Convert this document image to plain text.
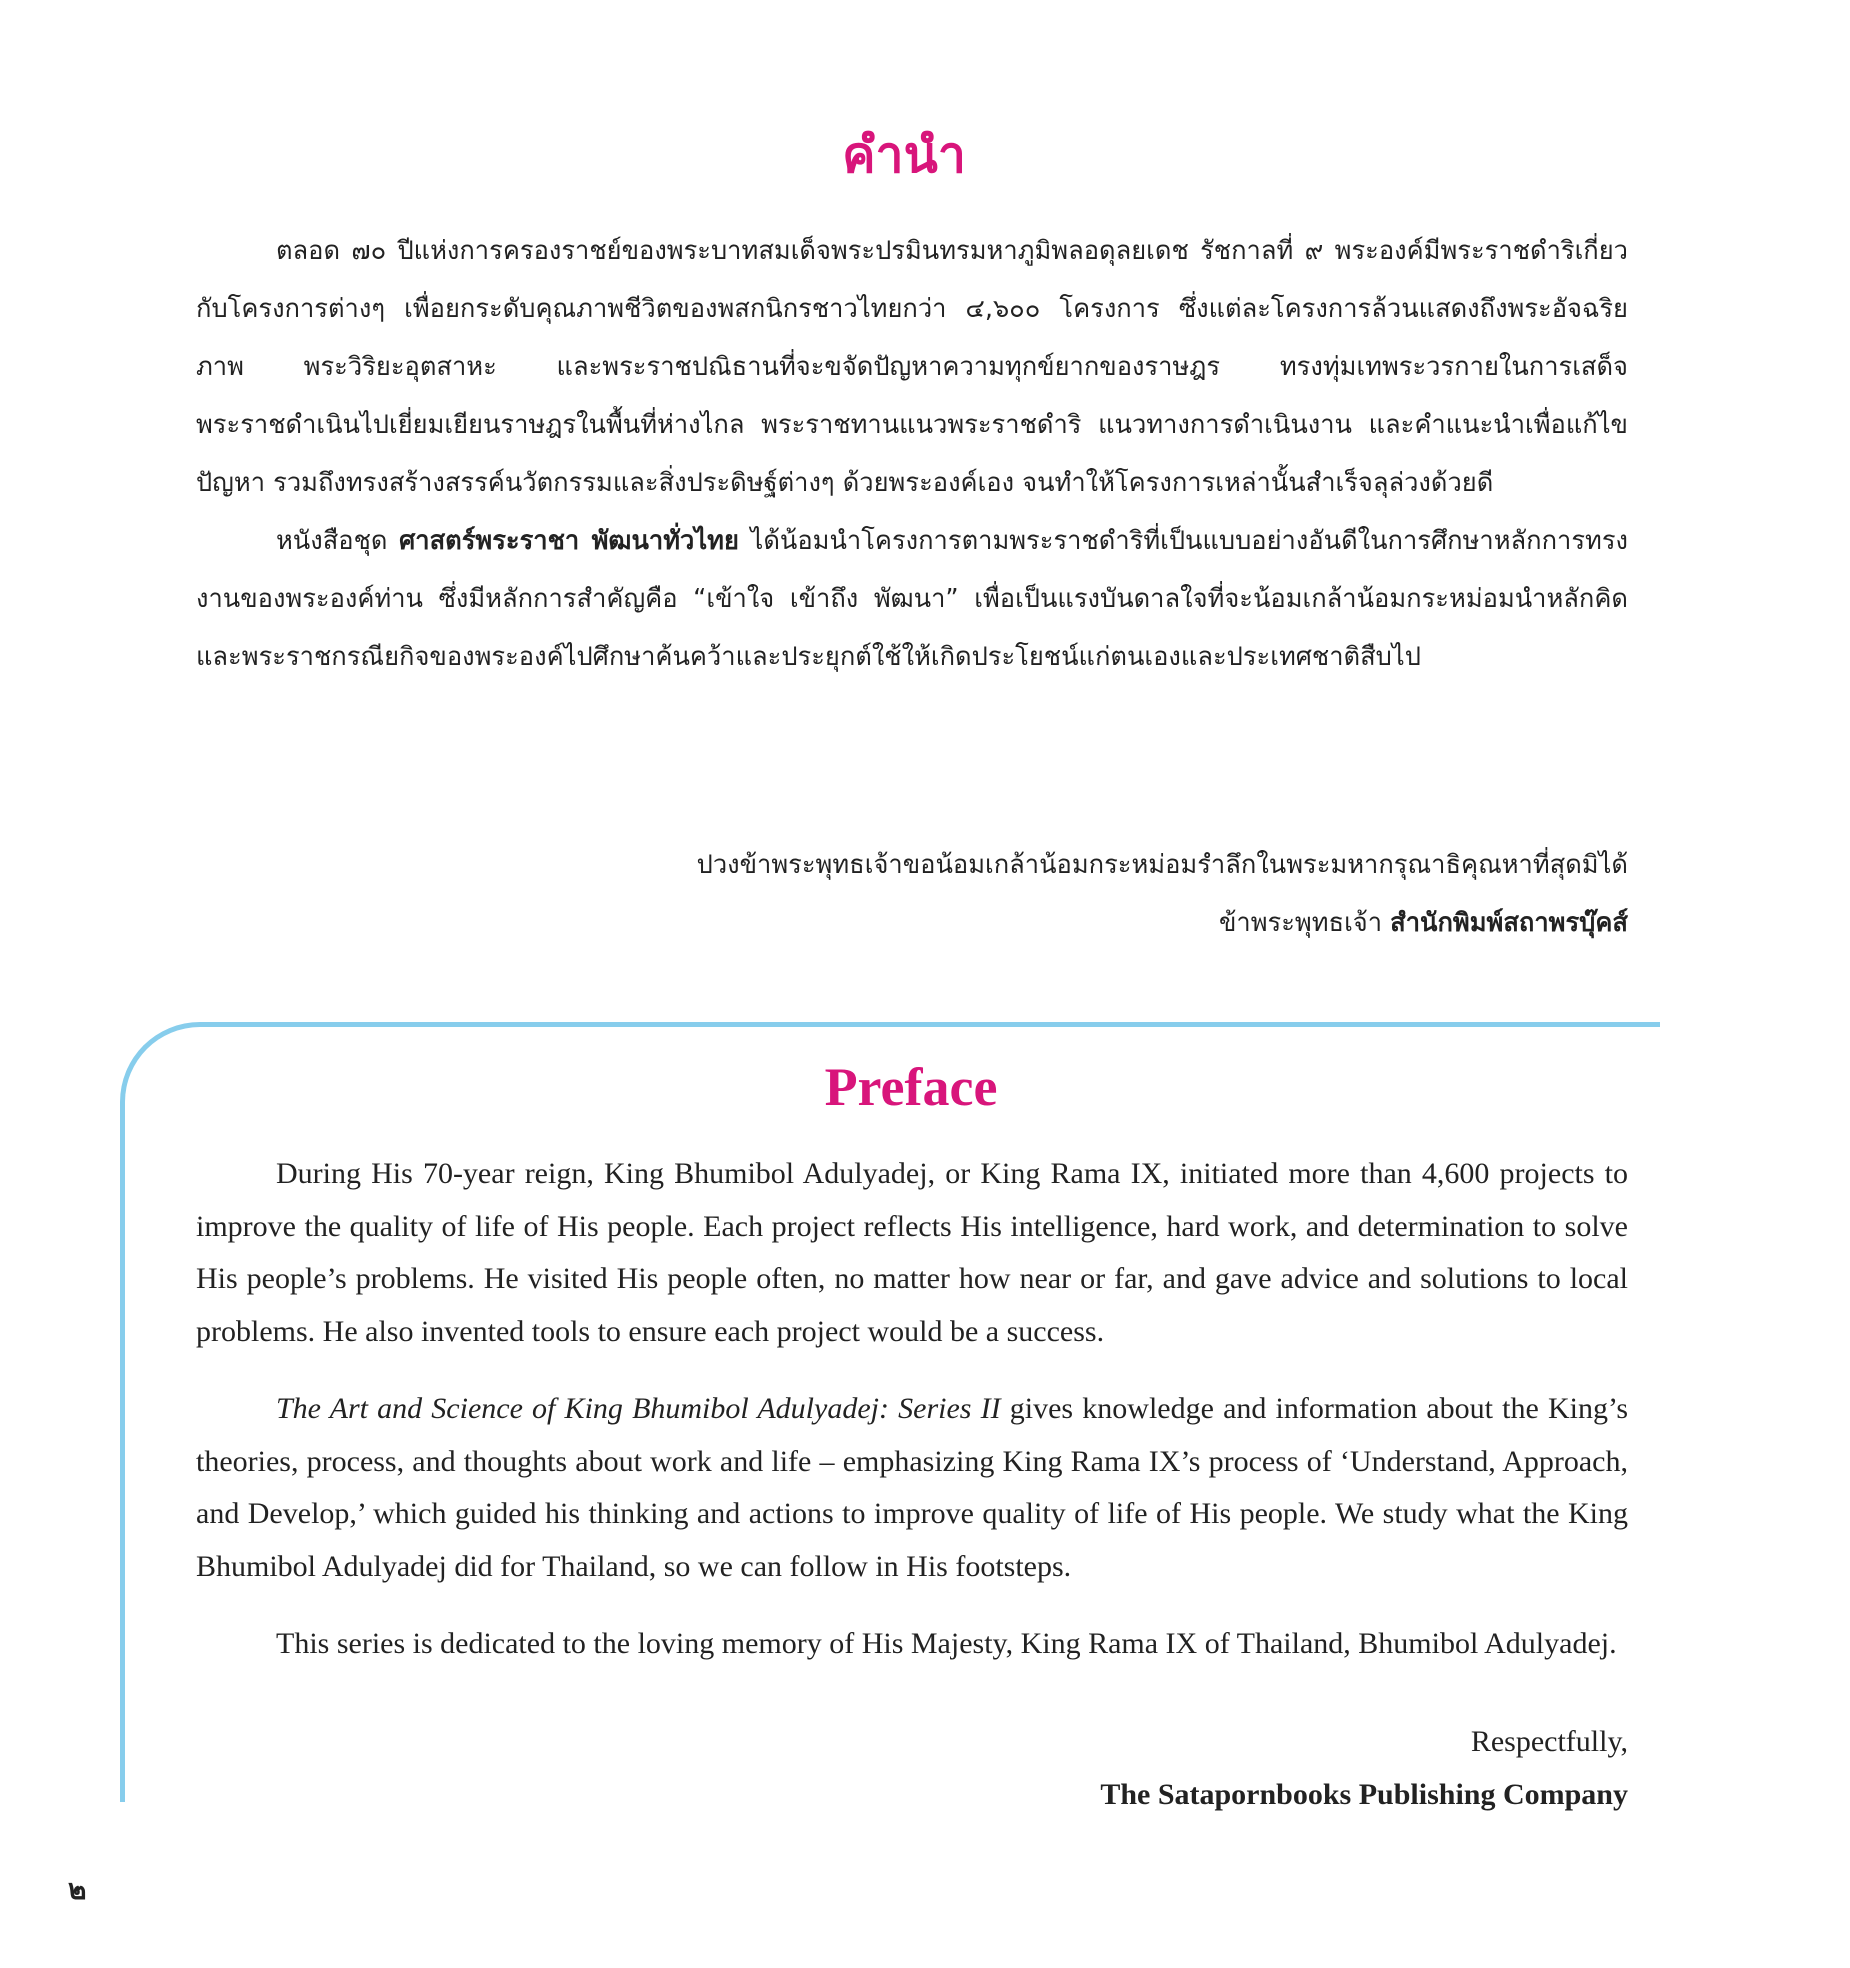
คำนำ

ตลอด ๗๐ ปีแห่งการครองราชย์ของพระบาทสมเด็จพระปรมินทรมหาภูมิพลอดุลยเดช รัชกาลที่ ๙ พระองค์มีพระราชดำริเกี่ยวกับโครงการต่างๆ เพื่อยกระดับคุณภาพชีวิตของพสกนิกรชาวไทยกว่า ๔,๖๐๐ โครงการ ซึ่งแต่ละโครงการล้วนแสดงถึงพระอัจฉริยภาพ พระวิริยะอุตสาหะ และพระราชปณิธานที่จะขจัดปัญหาความทุกข์ยากของราษฎร ทรงทุ่มเทพระวรกายในการเสด็จพระราชดำเนินไปเยี่ยมเยียนราษฎรในพื้นที่ห่างไกล พระราชทานแนวพระราชดำริ แนวทางการดำเนินงาน และคำแนะนำเพื่อแก้ไขปัญหา รวมถึงทรงสร้างสรรค์นวัตกรรมและสิ่งประดิษฐ์ต่างๆ ด้วยพระองค์เอง จนทำให้โครงการเหล่านั้นสำเร็จลุล่วงด้วยดี

หนังสือชุด ศาสตร์พระราชา พัฒนาทั่วไทย ได้น้อมนำโครงการตามพระราชดำริที่เป็นแบบอย่างอันดีในการศึกษาหลักการทรงงานของพระองค์ท่าน ซึ่งมีหลักการสำคัญคือ “เข้าใจ เข้าถึง พัฒนา” เพื่อเป็นแรงบันดาลใจที่จะน้อมเกล้าน้อมกระหม่อมนำหลักคิดและพระราชกรณียกิจของพระองค์ไปศึกษาค้นคว้าและประยุกต์ใช้ให้เกิดประโยชน์แก่ตนเองและประเทศชาติสืบไป

ปวงข้าพระพุทธเจ้าขอน้อมเกล้าน้อมกระหม่อมรำลึกในพระมหากรุณาธิคุณหาที่สุดมิได้
ข้าพระพุทธเจ้า สำนักพิมพ์สถาพรบุ๊คส์
Preface

During His 70-year reign, King Bhumibol Adulyadej, or King Rama IX, initiated more than 4,600 projects to improve the quality of life of His people. Each project reflects His intelligence, hard work, and determination to solve His people’s problems. He visited His people often, no matter how near or far, and gave advice and solutions to local problems. He also invented tools to ensure each project would be a success.

The Art and Science of King Bhumibol Adulyadej: Series II gives knowledge and information about the King’s theories, process, and thoughts about work and life – emphasizing King Rama IX’s process of ‘Understand, Approach, and Develop,’ which guided his thinking and actions to improve quality of life of His people. We study what the King Bhumibol Adulyadej did for Thailand, so we can follow in His footsteps.

This series is dedicated to the loving memory of His Majesty, King Rama IX of Thailand, Bhumibol Adulyadej.

Respectfully,
The Satapornbooks Publishing Company
๒
